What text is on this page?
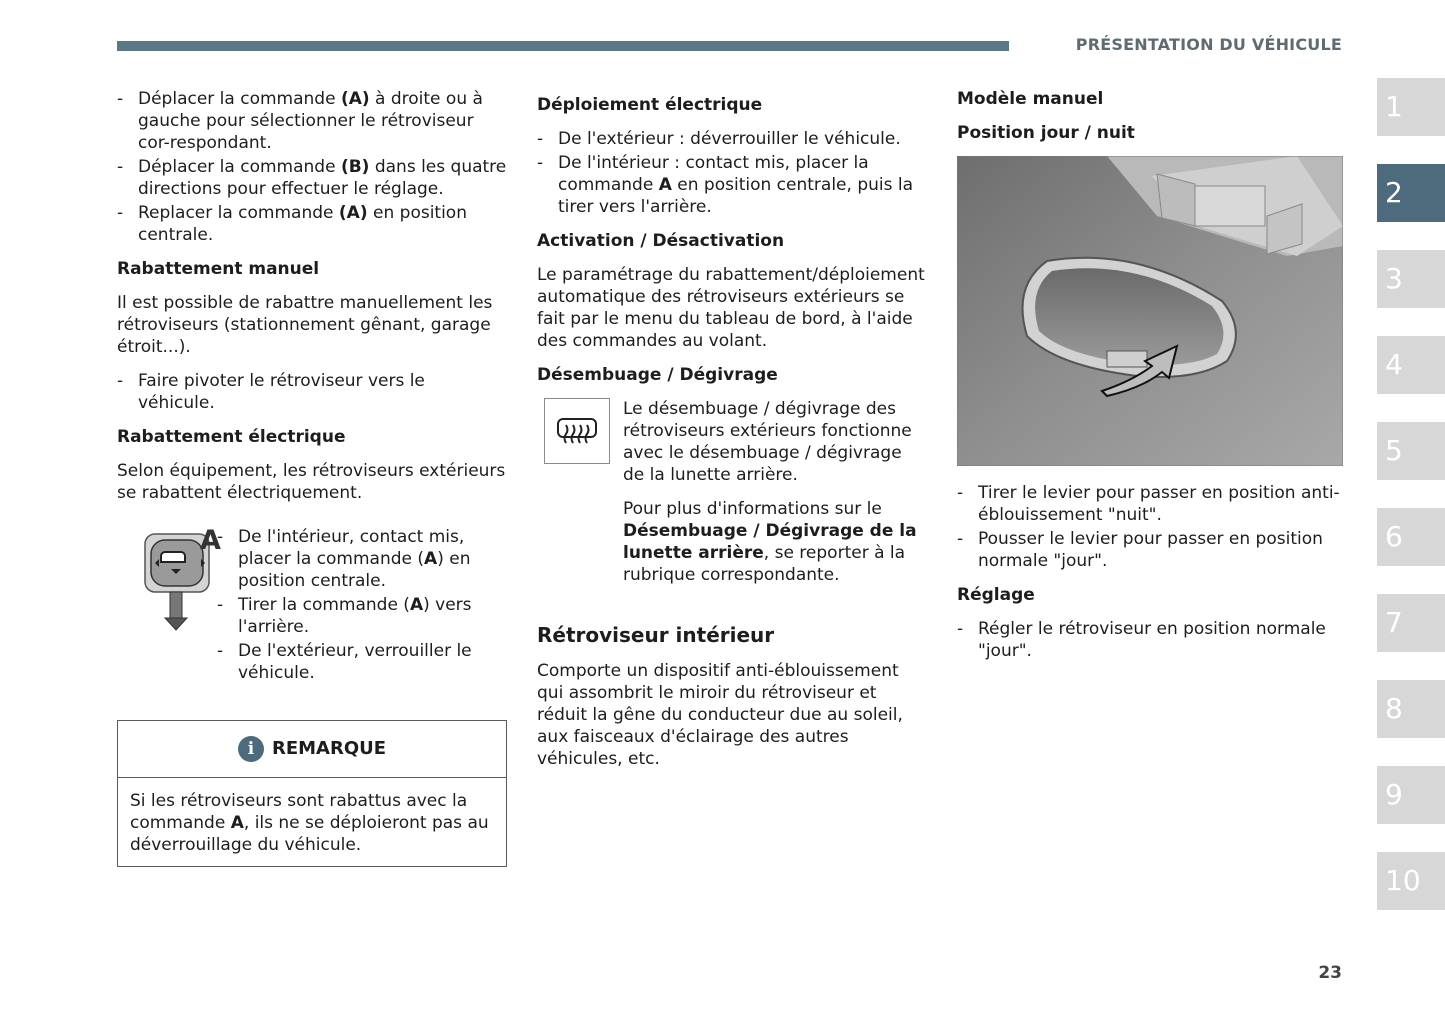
PRÉSENTATION DU VÉHICULE
- Déplacer la commande (A) à droite ou à gauche pour sélectionner le rétroviseur cor-respondant.
- Déplacer la commande (B) dans les quatre directions pour effectuer le réglage.
- Replacer la commande (A) en position centrale.
Rabattement manuel

Il est possible de rabattre manuellement les rétroviseurs (stationnement gênant, garage étroit...).

- Faire pivoter le rétroviseur vers le véhicule.
Rabattement électrique

Selon équipement, les rétroviseurs extérieurs se rabattent électriquement.

A
-	De l'intérieur, contact mis, placer la commande (A) en position centrale.
- Tirer la commande (A) vers l'arrière.
- De l'extérieur, verrouiller le véhicule.
i REMARQUE
Si les rétroviseurs sont rabattus avec la commande A, ils ne se déploieront pas au déverrouillage du véhicule.
Déploiement électrique
- De l'extérieur : déverrouiller le véhicule.
- De l'intérieur : contact mis, placer la commande A en position centrale, puis la tirer vers l'arrière.
Activation / Désactivation

Le paramétrage du rabattement/déploiement automatique des rétroviseurs extérieurs se fait par le menu du tableau de bord, à l'aide des commandes au volant.

Désembuage / Dégivrage

Le désembuage / dégivrage des rétroviseurs extérieurs fonctionne avec le désembuage / dégivrage de la lunette arrière.

Pour plus d'informations sur le Désembuage / Dégivrage de la lunette arrière, se reporter à la rubrique correspondante.

Rétroviseur intérieur

Comporte un dispositif anti-éblouissement qui assombrit le miroir du rétroviseur et réduit la gêne du conducteur due au soleil, aux faisceaux d'éclairage des autres véhicules, etc.

Modèle manuel
Position jour / nuit
- Tirer le levier pour passer en position anti-éblouissement "nuit".
- Pousser le levier pour passer en position normale "jour".
Réglage
- Régler le rétroviseur en position normale "jour".
1
2
3
4
5
6
7
8
9
10
23
